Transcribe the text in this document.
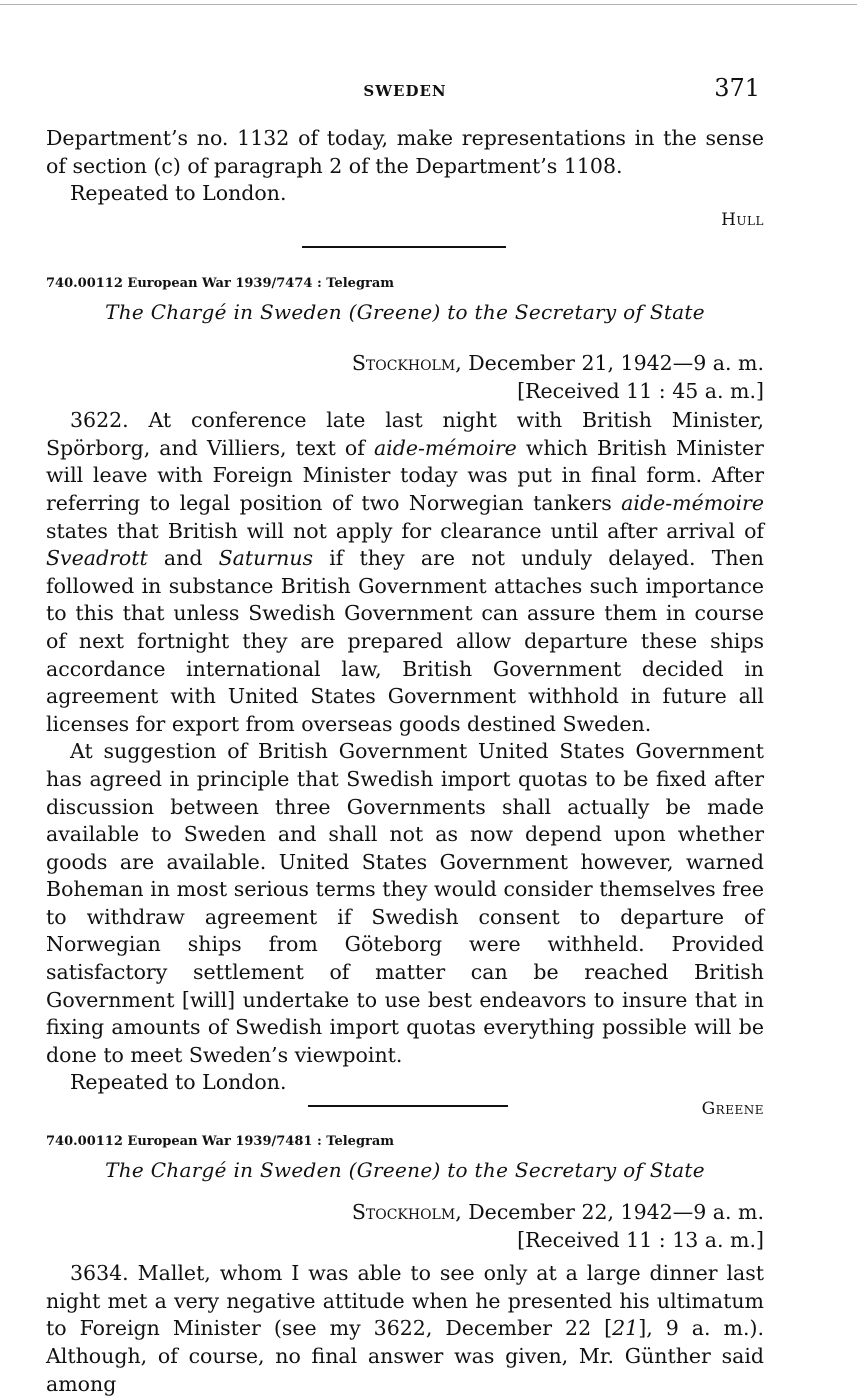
SWEDEN	371

Department’s no. 1132 of today, make representations in the sense of section (c) of paragraph 2 of the Department’s 1108.

Repeated to London.

Hull
740.00112 European War 1939/7474 : Telegram
The Chargé in Sweden (Greene) to the Secretary of State
Stockholm, December 21, 1942—9 a. m.
[Received 11 : 45 a. m.]

3622. At conference late last night with British Minister, Spörborg, and Villiers, text of aide-mémoire which British Minister will leave with Foreign Minister today was put in final form. After referring to legal position of two Norwegian tankers aide-mémoire states that British will not apply for clearance until after arrival of Sveadrott and Saturnus if they are not unduly delayed. Then followed in substance British Government attaches such importance to this that unless Swedish Government can assure them in course of next fortnight they are prepared allow departure these ships accordance international law, British Government decided in agreement with United States Government withhold in future all licenses for export from overseas goods destined Sweden.

At suggestion of British Government United States Government has agreed in principle that Swedish import quotas to be fixed after discussion between three Governments shall actually be made available to Sweden and shall not as now depend upon whether goods are available. United States Government however, warned Boheman in most serious terms they would consider themselves free to withdraw agreement if Swedish consent to departure of Norwegian ships from Göteborg were withheld. Provided satisfactory settlement of matter can be reached British Government [will] undertake to use best endeavors to insure that in fixing amounts of Swedish import quotas everything possible will be done to meet Sweden’s viewpoint.

Repeated to London.

Greene
740.00112 European War 1939/7481 : Telegram
The Chargé in Sweden (Greene) to the Secretary of State
Stockholm, December 22, 1942—9 a. m.
[Received 11 : 13 a. m.]

3634. Mallet, whom I was able to see only at a large dinner last night met a very negative attitude when he presented his ultimatum to Foreign Minister (see my 3622, December 22 [21], 9 a. m.). Although, of course, no final answer was given, Mr. Günther said among
